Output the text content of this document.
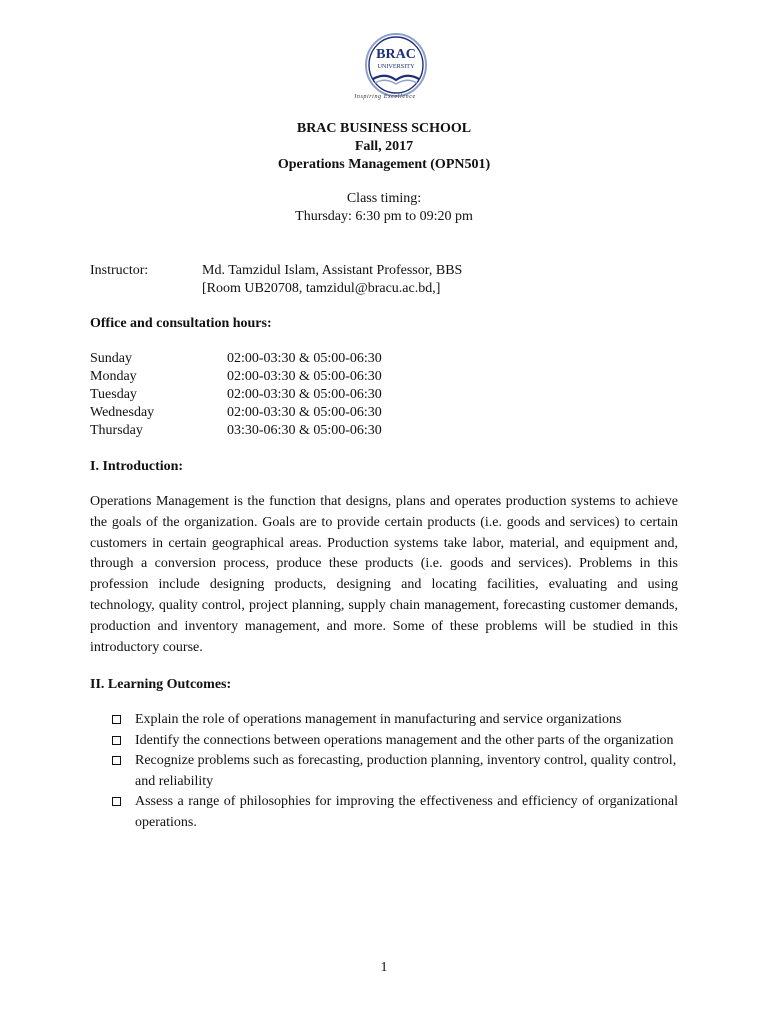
BRAC
UNIVERSITY
Inspiring Excellence
BRAC BUSINESS SCHOOL
Fall, 2017
Operations Management (OPN501)
Class timing:
Thursday: 6:30 pm to 09:20 pm
Instructor:	Md. Tamzidul Islam, Assistant Professor, BBS
[Room UB20708, tamzidul@bracu.ac.bd,]
Office and consultation hours:
Sunday	02:00-03:30 & 05:00-06:30
Monday	02:00-03:30 & 05:00-06:30
Tuesday	02:00-03:30 & 05:00-06:30
Wednesday	02:00-03:30 & 05:00-06:30
Thursday	03:30-06:30 & 05:00-06:30
I. Introduction:
Operations Management is the function that designs, plans and operates production systems to achieve the goals of the organization. Goals are to provide certain products (i.e. goods and services) to certain customers in certain geographical areas. Production systems take labor, material, and equipment and, through a conversion process, produce these products (i.e. goods and services). Problems in this profession include designing products, designing and locating facilities, evaluating and using technology, quality control, project planning, supply chain management, forecasting customer demands, production and inventory management, and more. Some of these problems will be studied in this introductory course.
II. Learning Outcomes:
Explain the role of operations management in manufacturing and service organizations
Identify the connections between operations management and the other parts of the organization
Recognize problems such as forecasting, production planning, inventory control, quality control,
and reliability
Assess a range of philosophies for improving the effectiveness and efficiency of organizational operations.
1
